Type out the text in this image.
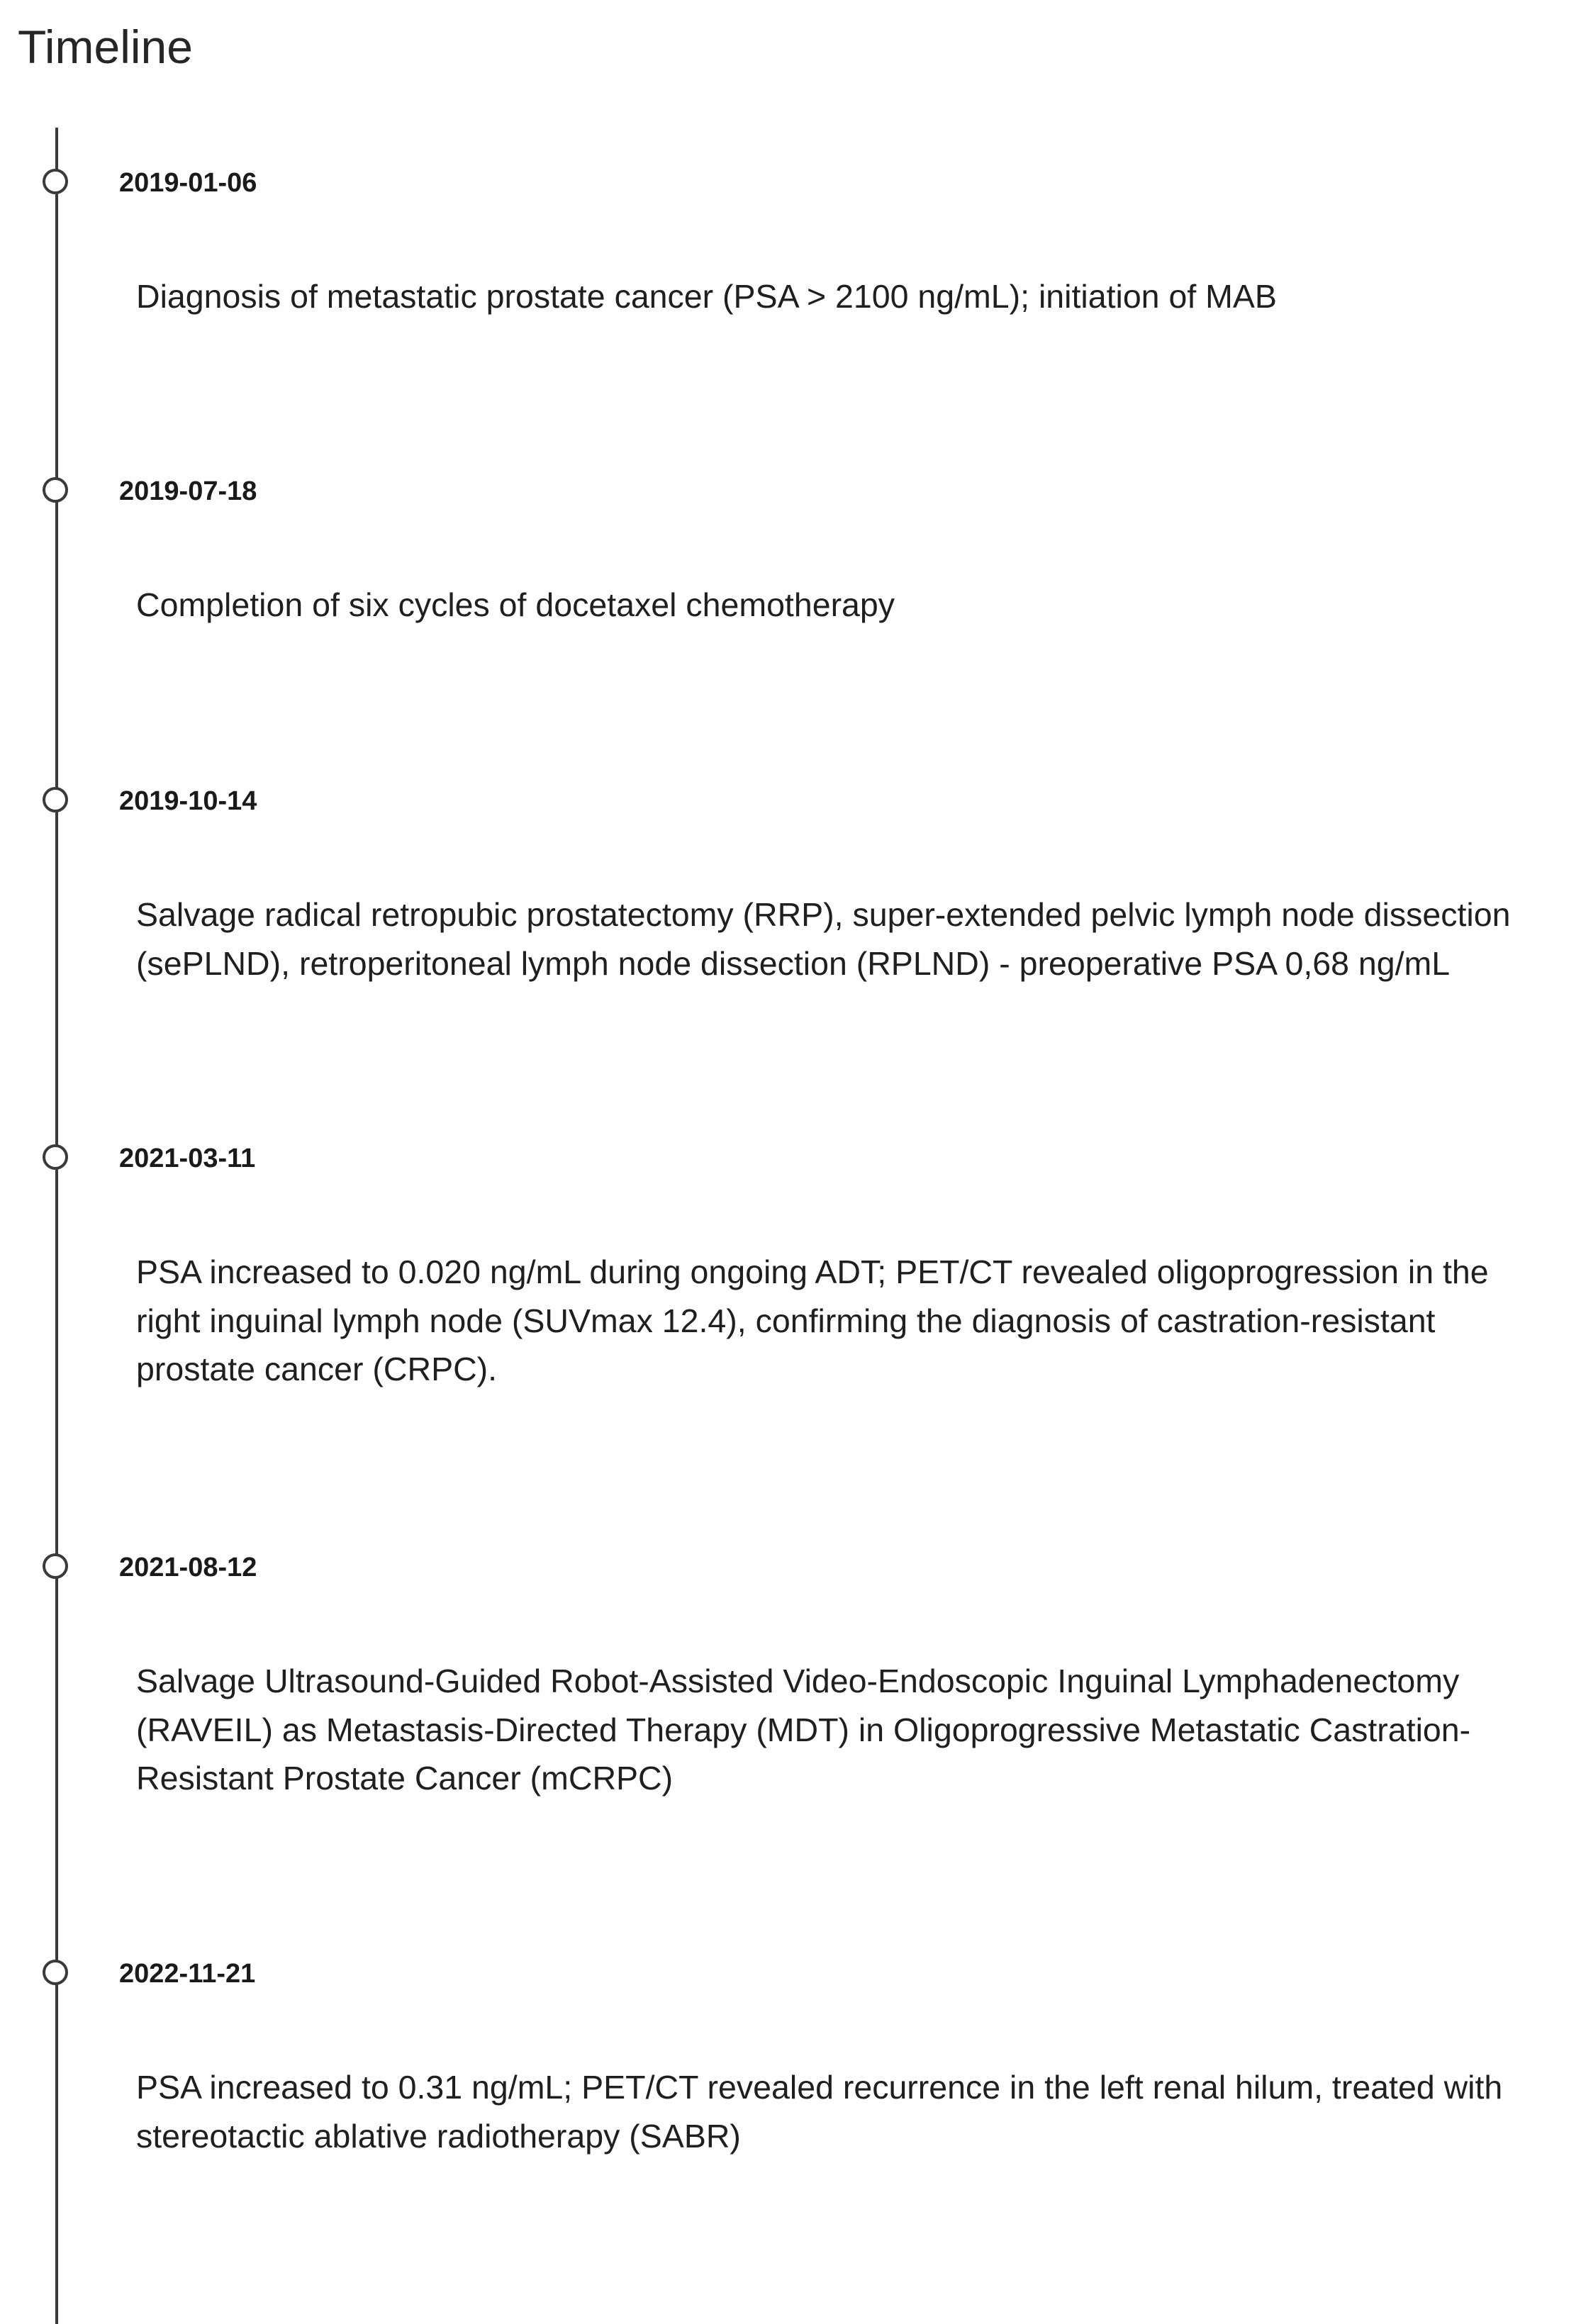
Timeline
2019-01-06

Diagnosis of metastatic prostate cancer (PSA > 2100 ng/mL); initiation of MAB

2019-07-18

Completion of six cycles of docetaxel chemotherapy

2019-10-14

Salvage radical retropubic prostatectomy (RRP), super-extended pelvic lymph node dissection (sePLND), retroperitoneal lymph node dissection (RPLND) - preoperative PSA 0,68 ng/mL

2021-03-11

PSA increased to 0.020 ng/mL during ongoing ADT; PET/CT revealed oligoprogression in the right inguinal lymph node (SUVmax 12.4), confirming the diagnosis of castration-resistant prostate cancer (CRPC).

2021-08-12

Salvage Ultrasound-Guided Robot-Assisted Video-Endoscopic Inguinal Lymphadenectomy (RAVEIL) as Metastasis-Directed Therapy (MDT) in Oligoprogressive Metastatic Castration-Resistant Prostate Cancer (mCRPC)

2022-11-21

PSA increased to 0.31 ng/mL; PET/CT revealed recurrence in the left renal hilum, treated with stereotactic ablative radiotherapy (SABR)
